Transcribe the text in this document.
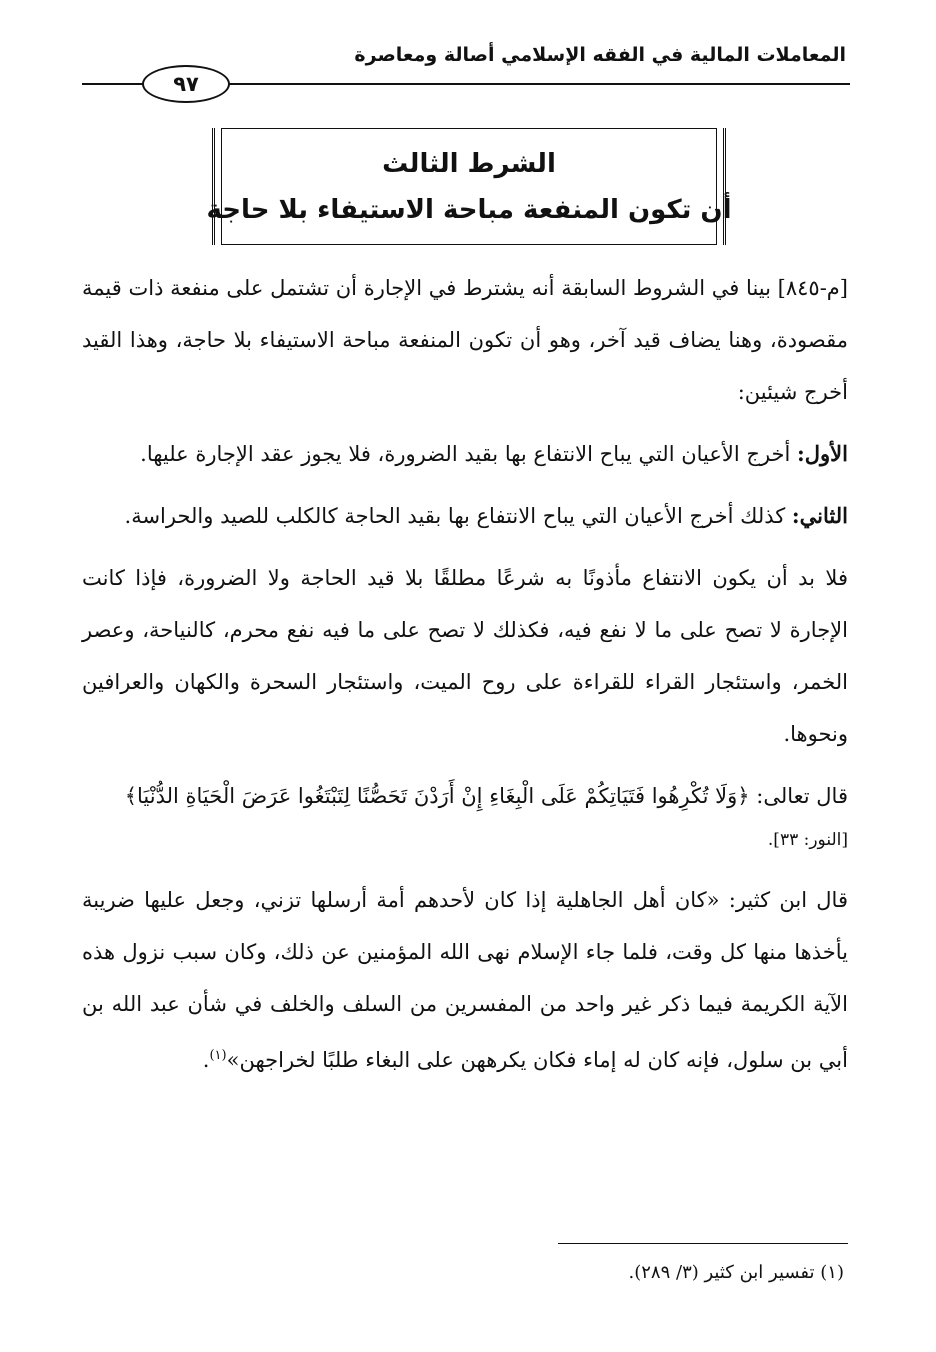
المعاملات المالية في الفقه الإسلامي أصالة ومعاصرة
٩٧
الشرط الثالث
أن تكون المنفعة مباحة الاستيفاء بلا حاجة

[م-٨٤٥] بينا في الشروط السابقة أنه يشترط في الإجارة أن تشتمل على منفعة ذات قيمة مقصودة، وهنا يضاف قيد آخر، وهو أن تكون المنفعة مباحة الاستيفاء بلا حاجة، وهذا القيد أخرج شيئين:

الأول: أخرج الأعيان التي يباح الانتفاع بها بقيد الضرورة، فلا يجوز عقد الإجارة عليها.

الثاني: كذلك أخرج الأعيان التي يباح الانتفاع بها بقيد الحاجة كالكلب للصيد والحراسة.

فلا بد أن يكون الانتفاع مأذونًا به شرعًا مطلقًا بلا قيد الحاجة ولا الضرورة، فإذا كانت الإجارة لا تصح على ما لا نفع فيه، فكذلك لا تصح على ما فيه نفع محرم، كالنياحة، وعصر الخمر، واستئجار القراء للقراءة على روح الميت، واستئجار السحرة والكهان والعرافين ونحوها.

قال تعالى: ﴿وَلَا تُكْرِهُوا فَتَيَاتِكُمْ عَلَى الْبِغَاءِ إِنْ أَرَدْنَ تَحَصُّنًا لِتَبْتَغُوا عَرَضَ الْحَيَاةِ الدُّنْيَا﴾

[النور: ٣٣].

قال ابن كثير: «كان أهل الجاهلية إذا كان لأحدهم أمة أرسلها تزني، وجعل عليها ضريبة يأخذها منها كل وقت، فلما جاء الإسلام نهى الله المؤمنين عن ذلك، وكان سبب نزول هذه الآية الكريمة فيما ذكر غير واحد من المفسرين من السلف والخلف في شأن عبد الله بن أبي بن سلول، فإنه كان له إماء فكان يكرههن على البغاء طلبًا لخراجهن»$^{(١)}$.

(١) تفسير ابن كثير (٣/ ٢٨٩).
